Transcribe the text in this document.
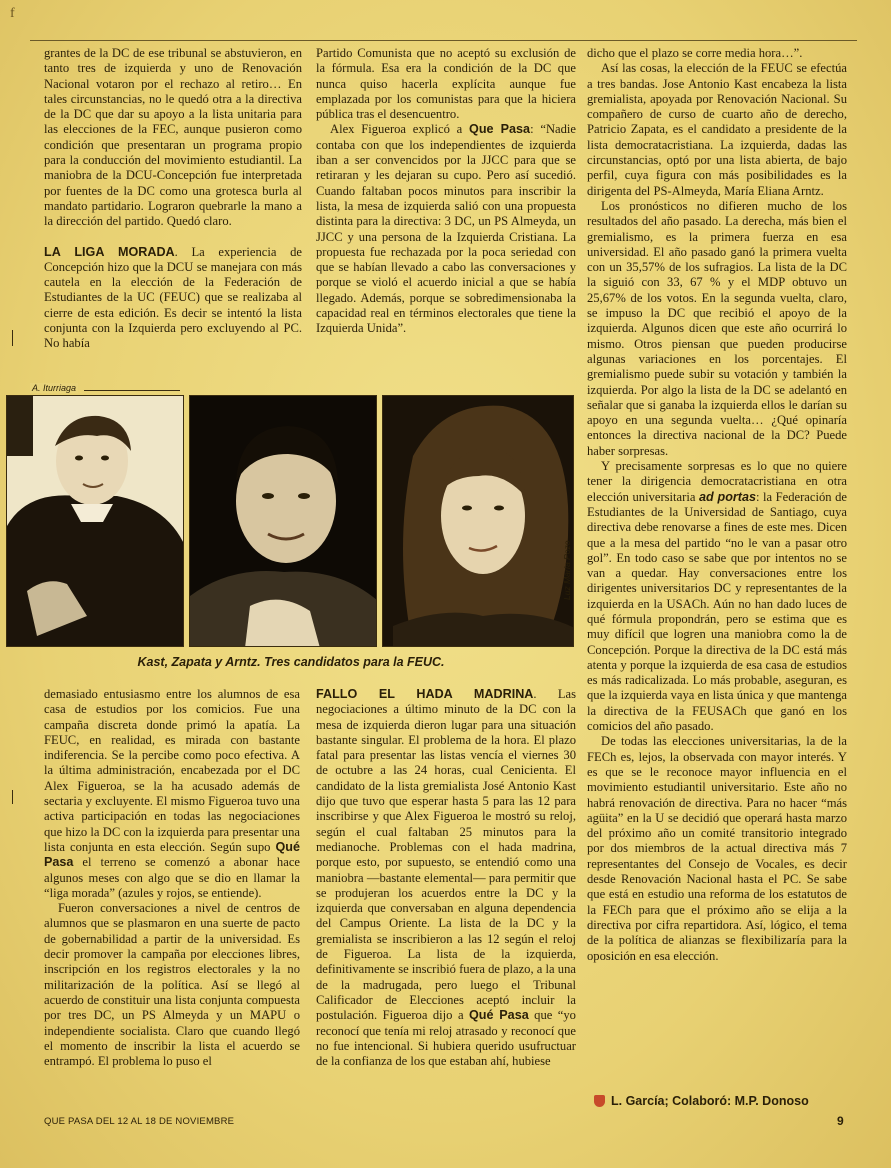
f

grantes de la DC de ese tribunal se abstuvieron, en tanto tres de izquierda y uno de Renovación Nacional votaron por el rechazo al retiro… En tales circunstancias, no le quedó otra a la directiva de la DC que dar su apoyo a la lista unitaria para las elecciones de la FEC, aunque pusieron como condición que presentaran un programa propio para la conducción del movimiento estudiantil. La maniobra de la DCU-Concepción fue interpretada por fuentes de la DC como una grotesca burla al mandato partidario. Lograron quebrarle la mano a la dirección del partido. Quedó claro.

LA LIGA MORADA. La experiencia de Concepción hizo que la DCU se manejara con más cautela en la elección de la Federación de Estudiantes de la UC (FEUC) que se realizaba al cierre de esta edición. Es decir se intentó la lista conjunta con la Izquierda pero excluyendo al PC. No había

Partido Comunista que no aceptó su exclusión de la fórmula. Esa era la condición de la DC que nunca quiso hacerla explícita aunque fue emplazada por los comunistas para que la hiciera pública tras el desencuentro.

Alex Figueroa explicó a Que Pasa: “Nadie contaba con que los independientes de izquierda iban a ser convencidos por la JJCC para que se retiraran y les dejaran su cupo. Pero así sucedió. Cuando faltaban pocos minutos para inscribir la lista, la mesa de izquierda salió con una propuesta distinta para la directiva: 3 DC, un PS Almeyda, un JJCC y una persona de la Izquierda Cristiana. La propuesta fue rechazada por la poca seriedad con que se habían llevado a cabo las conversaciones y porque se violó el acuerdo inicial a que se había llegado. Además, porque se sobredimensionaba la capacidad real en términos electorales que tiene la Izquierda Unida”.

dicho que el plazo se corre media hora…”.

Así las cosas, la elección de la FEUC se efectúa a tres bandas. Jose Antonio Kast encabeza la lista gremialista, apoyada por Renovación Nacional. Su compañero de curso de cuarto año de derecho, Patricio Zapata, es el candidato a presidente de la lista democratacristiana. La izquierda, dadas las circunstancias, optó por una lista abierta, de bajo perfil, cuya figura con más posibilidades es la dirigenta del PS-Almeyda, María Eliana Arntz.

Los pronósticos no difieren mucho de los resultados del año pasado. La derecha, más bien el gremialismo, es la primera fuerza en esa universidad. El año pasado ganó la primera vuelta con un 35,57% de los sufragios. La lista de la DC la siguió con 33, 67 % y el MDP obtuvo un 25,67% de los votos. En la segunda vuelta, claro, se impuso la DC que recibió el apoyo de la izquierda. Algunos dicen que este año ocurrirá lo mismo. Otros piensan que pueden producirse algunas variaciones en los porcentajes. El gremialismo puede subir su votación y también la izquierda. Por algo la lista de la DC se adelantó en señalar que si ganaba la izquierda ellos le darían su apoyo en una segunda vuelta… ¿Qué opinaría entonces la directiva nacional de la DC? Puede haber sorpresas.

Y precisamente sorpresas es lo que no quiere tener la dirigencia democratacristiana en otra elección universitaria ad portas: la Federación de Estudiantes de la Universidad de Santiago, cuya directiva debe renovarse a fines de este mes. Dicen que a la mesa del partido “no le van a pasar otro gol”. En todo caso se sabe que por intentos no se van a quedar. Hay conversaciones entre los dirigentes universitarios DC y representantes de la izquierda en la USACh. Aún no han dado luces de qué fórmula propondrán, pero se estima que es muy difícil que logren una maniobra como la de Concepción. Porque la directiva de la DC está más atenta y porque la izquierda de esa casa de estudios es más radicalizada. Lo más probable, aseguran, es que la izquierda vaya en lista única y que mantenga la directiva de la FEUSACh que ganó en los comicios del año pasado.

De todas las elecciones universitarias, la de la FECh es, lejos, la observada con mayor interés. Y es que se le reconoce mayor influencia en el movimiento estudiantil universitario. Este año no habrá renovación de directiva. Para no hacer “más agüita” en la U se decidió que operará hasta marzo del próximo año un comité transitorio integrado por dos miembros de la actual directiva más 7 representantes del Consejo de Vocales, es decir desde Renovación Nacional hasta el PC. Se sabe que está en estudio una reforma de los estatutos de la FECh para que el próximo año se elija a la directiva por cifra repartidora. Así, lógico, el tema de la política de alianzas se flexibilizaría para la oposición en esa elección.

A. Iturriaga
Luz María Pozo
Kast, Zapata y Arntz. Tres candidatos para la FEUC.

demasiado entusiasmo entre los alumnos de esa casa de estudios por los comicios. Fue una campaña discreta donde primó la apatía. La FEUC, en realidad, es mirada con bastante indiferencia. Se la percibe como poco efectiva. A la última administración, encabezada por el DC Alex Figueroa, se la ha acusado además de sectaria y excluyente. El mismo Figueroa tuvo una activa participación en todas las negociaciones que hizo la DC con la izquierda para presentar una lista conjunta en esta elección. Según supo Qué Pasa el terreno se comenzó a abonar hace algunos meses con algo que se dio en llamar la “liga morada” (azules y rojos, se entiende).

Fueron conversaciones a nivel de centros de alumnos que se plasmaron en una suerte de pacto de gobernabilidad a partir de la universidad. Es decir promover la campaña por elecciones libres, inscripción en los registros electorales y la no militarización de la política. Así se llegó al acuerdo de constituir una lista conjunta compuesta por tres DC, un PS Almeyda y un MAPU o independiente socialista. Claro que cuando llegó el momento de inscribir la lista el acuerdo se entrampó. El problema lo puso el

FALLO EL HADA MADRINA. Las negociaciones a último minuto de la DC con la mesa de izquierda dieron lugar para una situación bastante singular. El problema de la hora. El plazo fatal para presentar las listas vencía el viernes 30 de octubre a las 24 horas, cual Cenicienta. El candidato de la lista gremialista José Antonio Kast dijo que tuvo que esperar hasta 5 para las 12 para inscribirse y que Alex Figueroa le mostró su reloj, según el cual faltaban 25 minutos para la medianoche. Problemas con el hada madrina, porque esto, por supuesto, se entendió como una maniobra —bastante elemental— para permitir que se produjeran los acuerdos entre la DC y la izquierda que conversaban en alguna dependencia del Campus Oriente. La lista de la DC y la gremialista se inscribieron a las 12 según el reloj de Figueroa. La lista de la izquierda, definitivamente se inscribió fuera de plazo, a la una de la madrugada, pero luego el Tribunal Calificador de Elecciones aceptó incluir la postulación. Figueroa dijo a Qué Pasa que “yo reconocí que tenía mi reloj atrasado y reconocí que no fue intencional. Si hubiera querido usufructuar de la confianza de los que estaban ahí, hubiese

L. García; Colaboró: M.P. Donoso
QUE PASA DEL 12 AL 18 DE NOVIEMBRE	9
